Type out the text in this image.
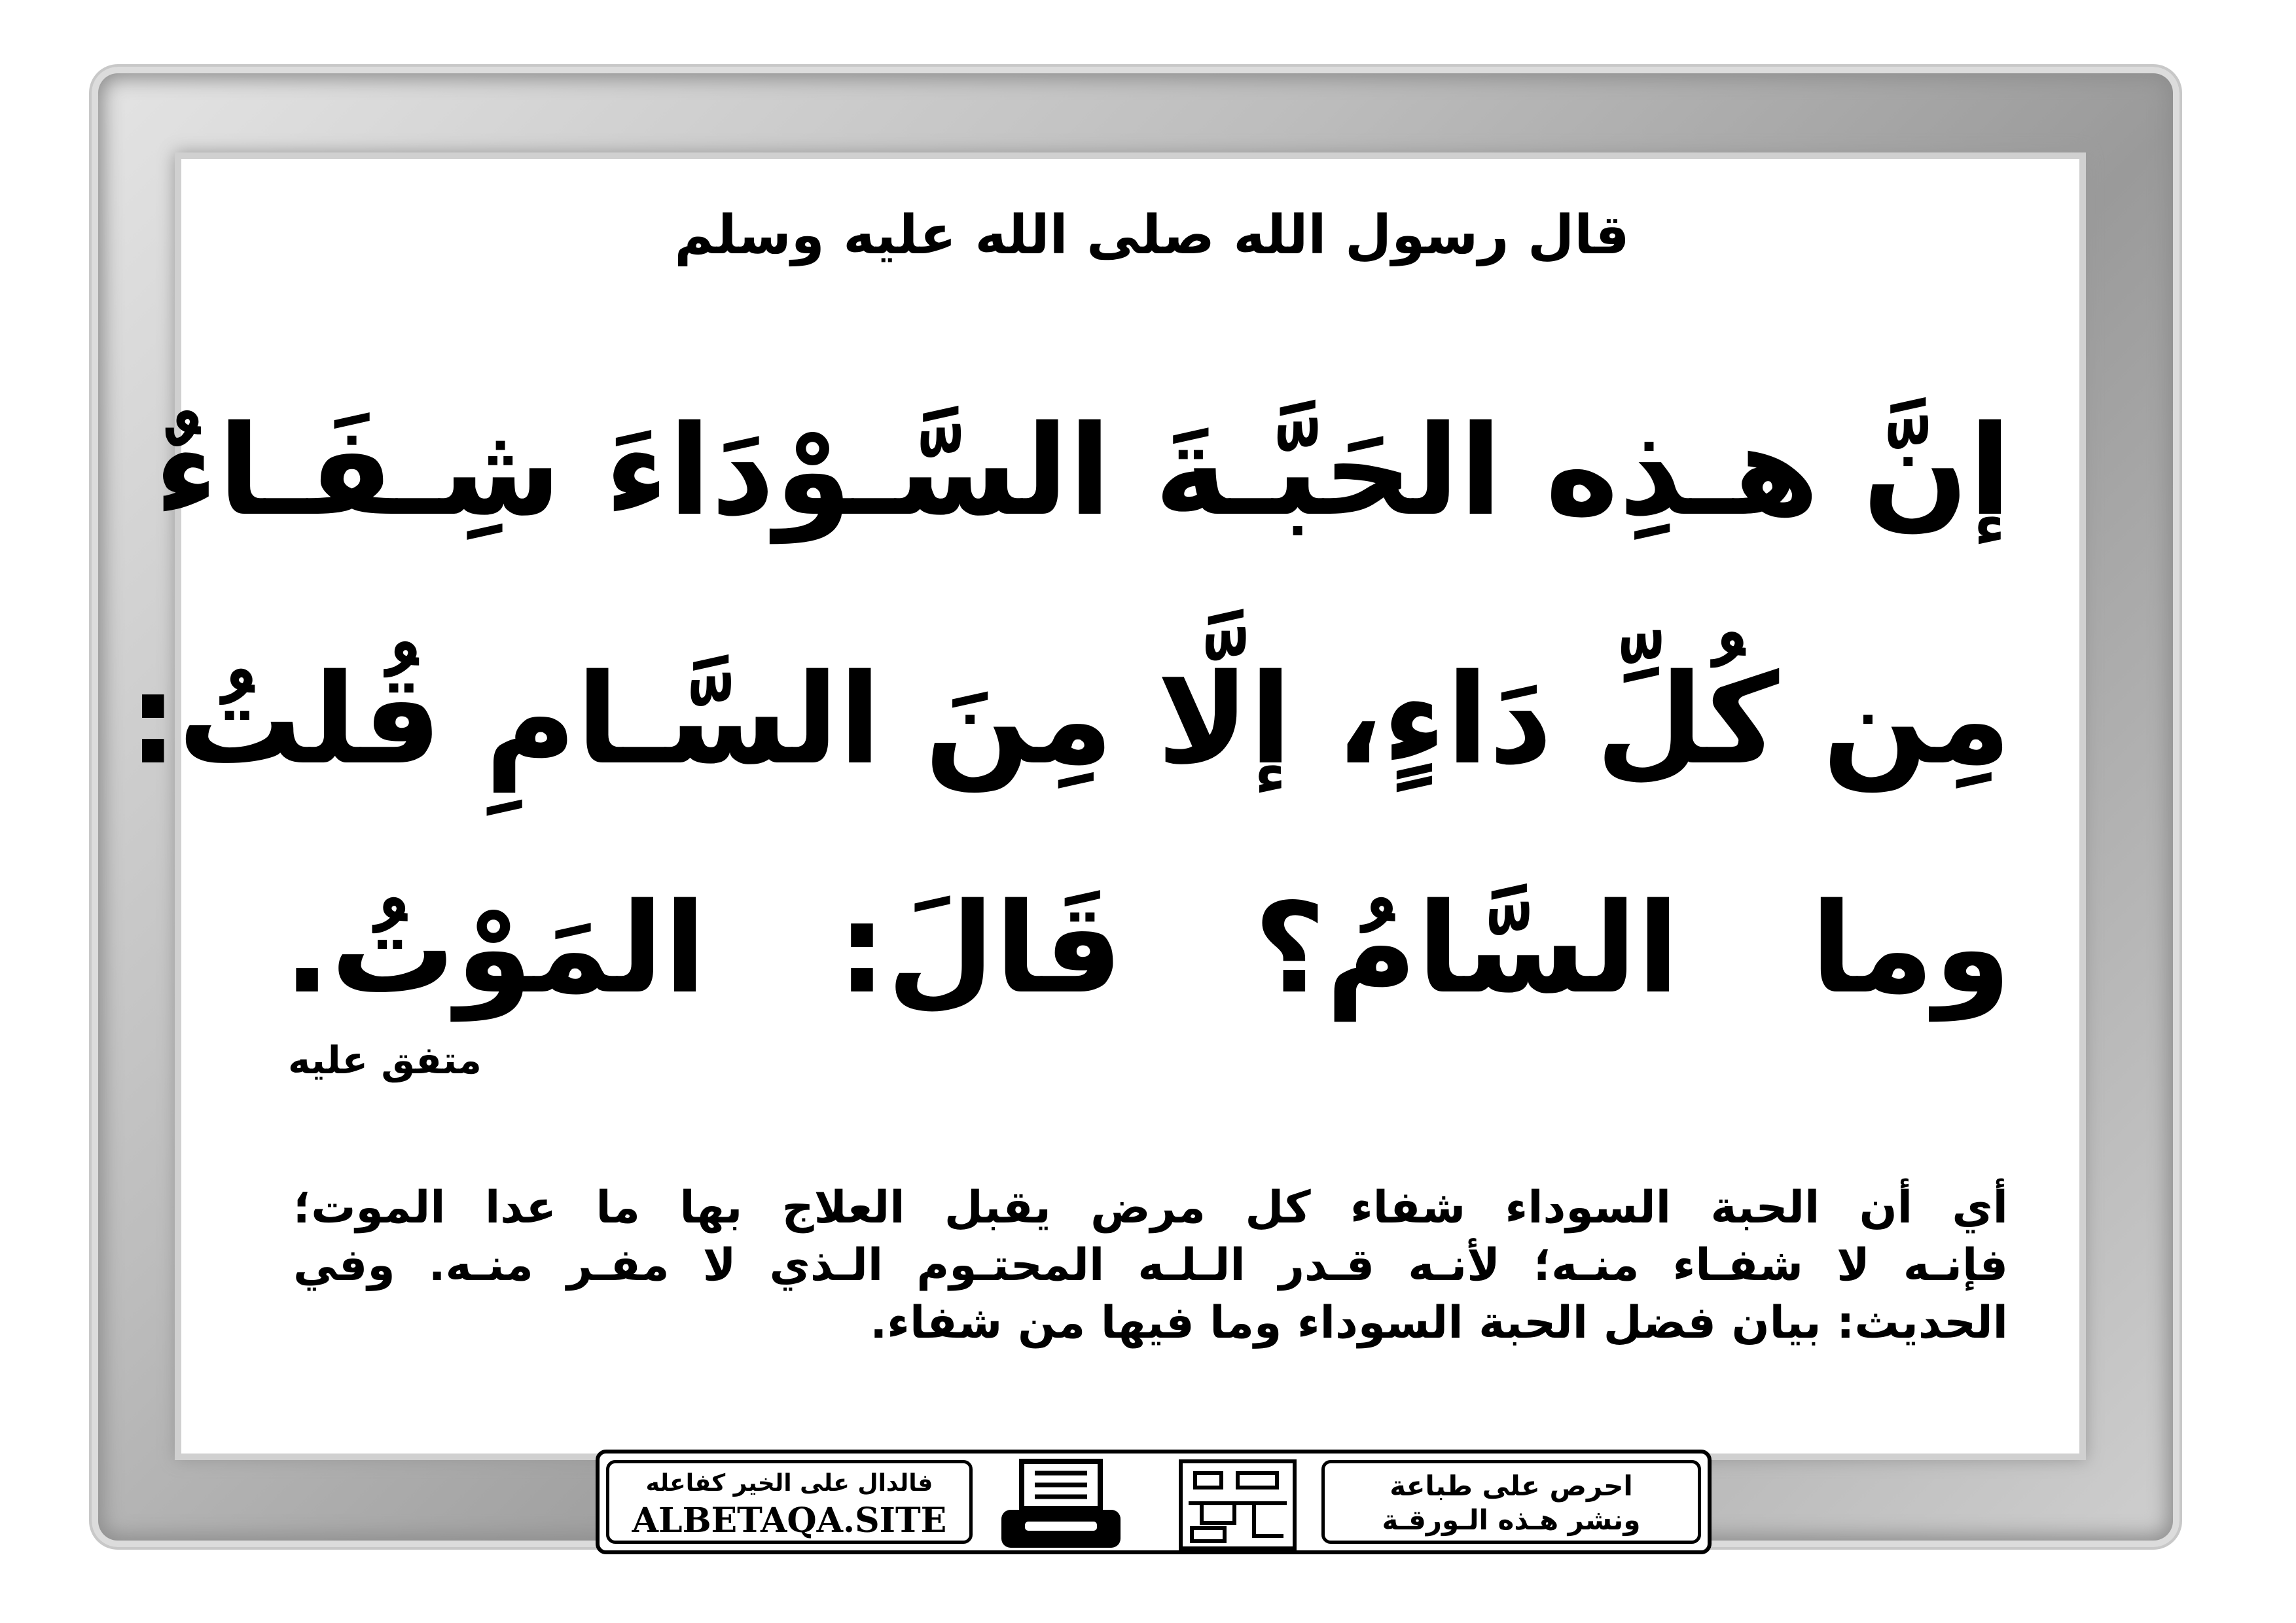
قال رسول الله صلى الله عليه وسلم
إنَّ هـذِه الحَبَّـةَ السَّـوْدَاءَ شِـفَـاءٌ
مِن كُلِّ دَاءٍ، إلَّا مِنَ السَّـامِ قُلتُ:
وما السَّامُ؟ قَالَ: المَوْتُ.
متفق عليه
أي أن الحبة السوداء شفاء كل مرض يقبل العلاج بها ما عدا الموت؛
فإنـه لا شفـاء منـه؛ لأنـه قـدر الـلـه المحتـوم الـذي لا مفـر منـه. وفي
الحديث: بيان فضل الحبة السوداء وما فيها من شفاء.
احرص على طباعة
ونشر هـذه الـورقـة
فالدال على الخير كفاعله
ALBETAQA.SITE
